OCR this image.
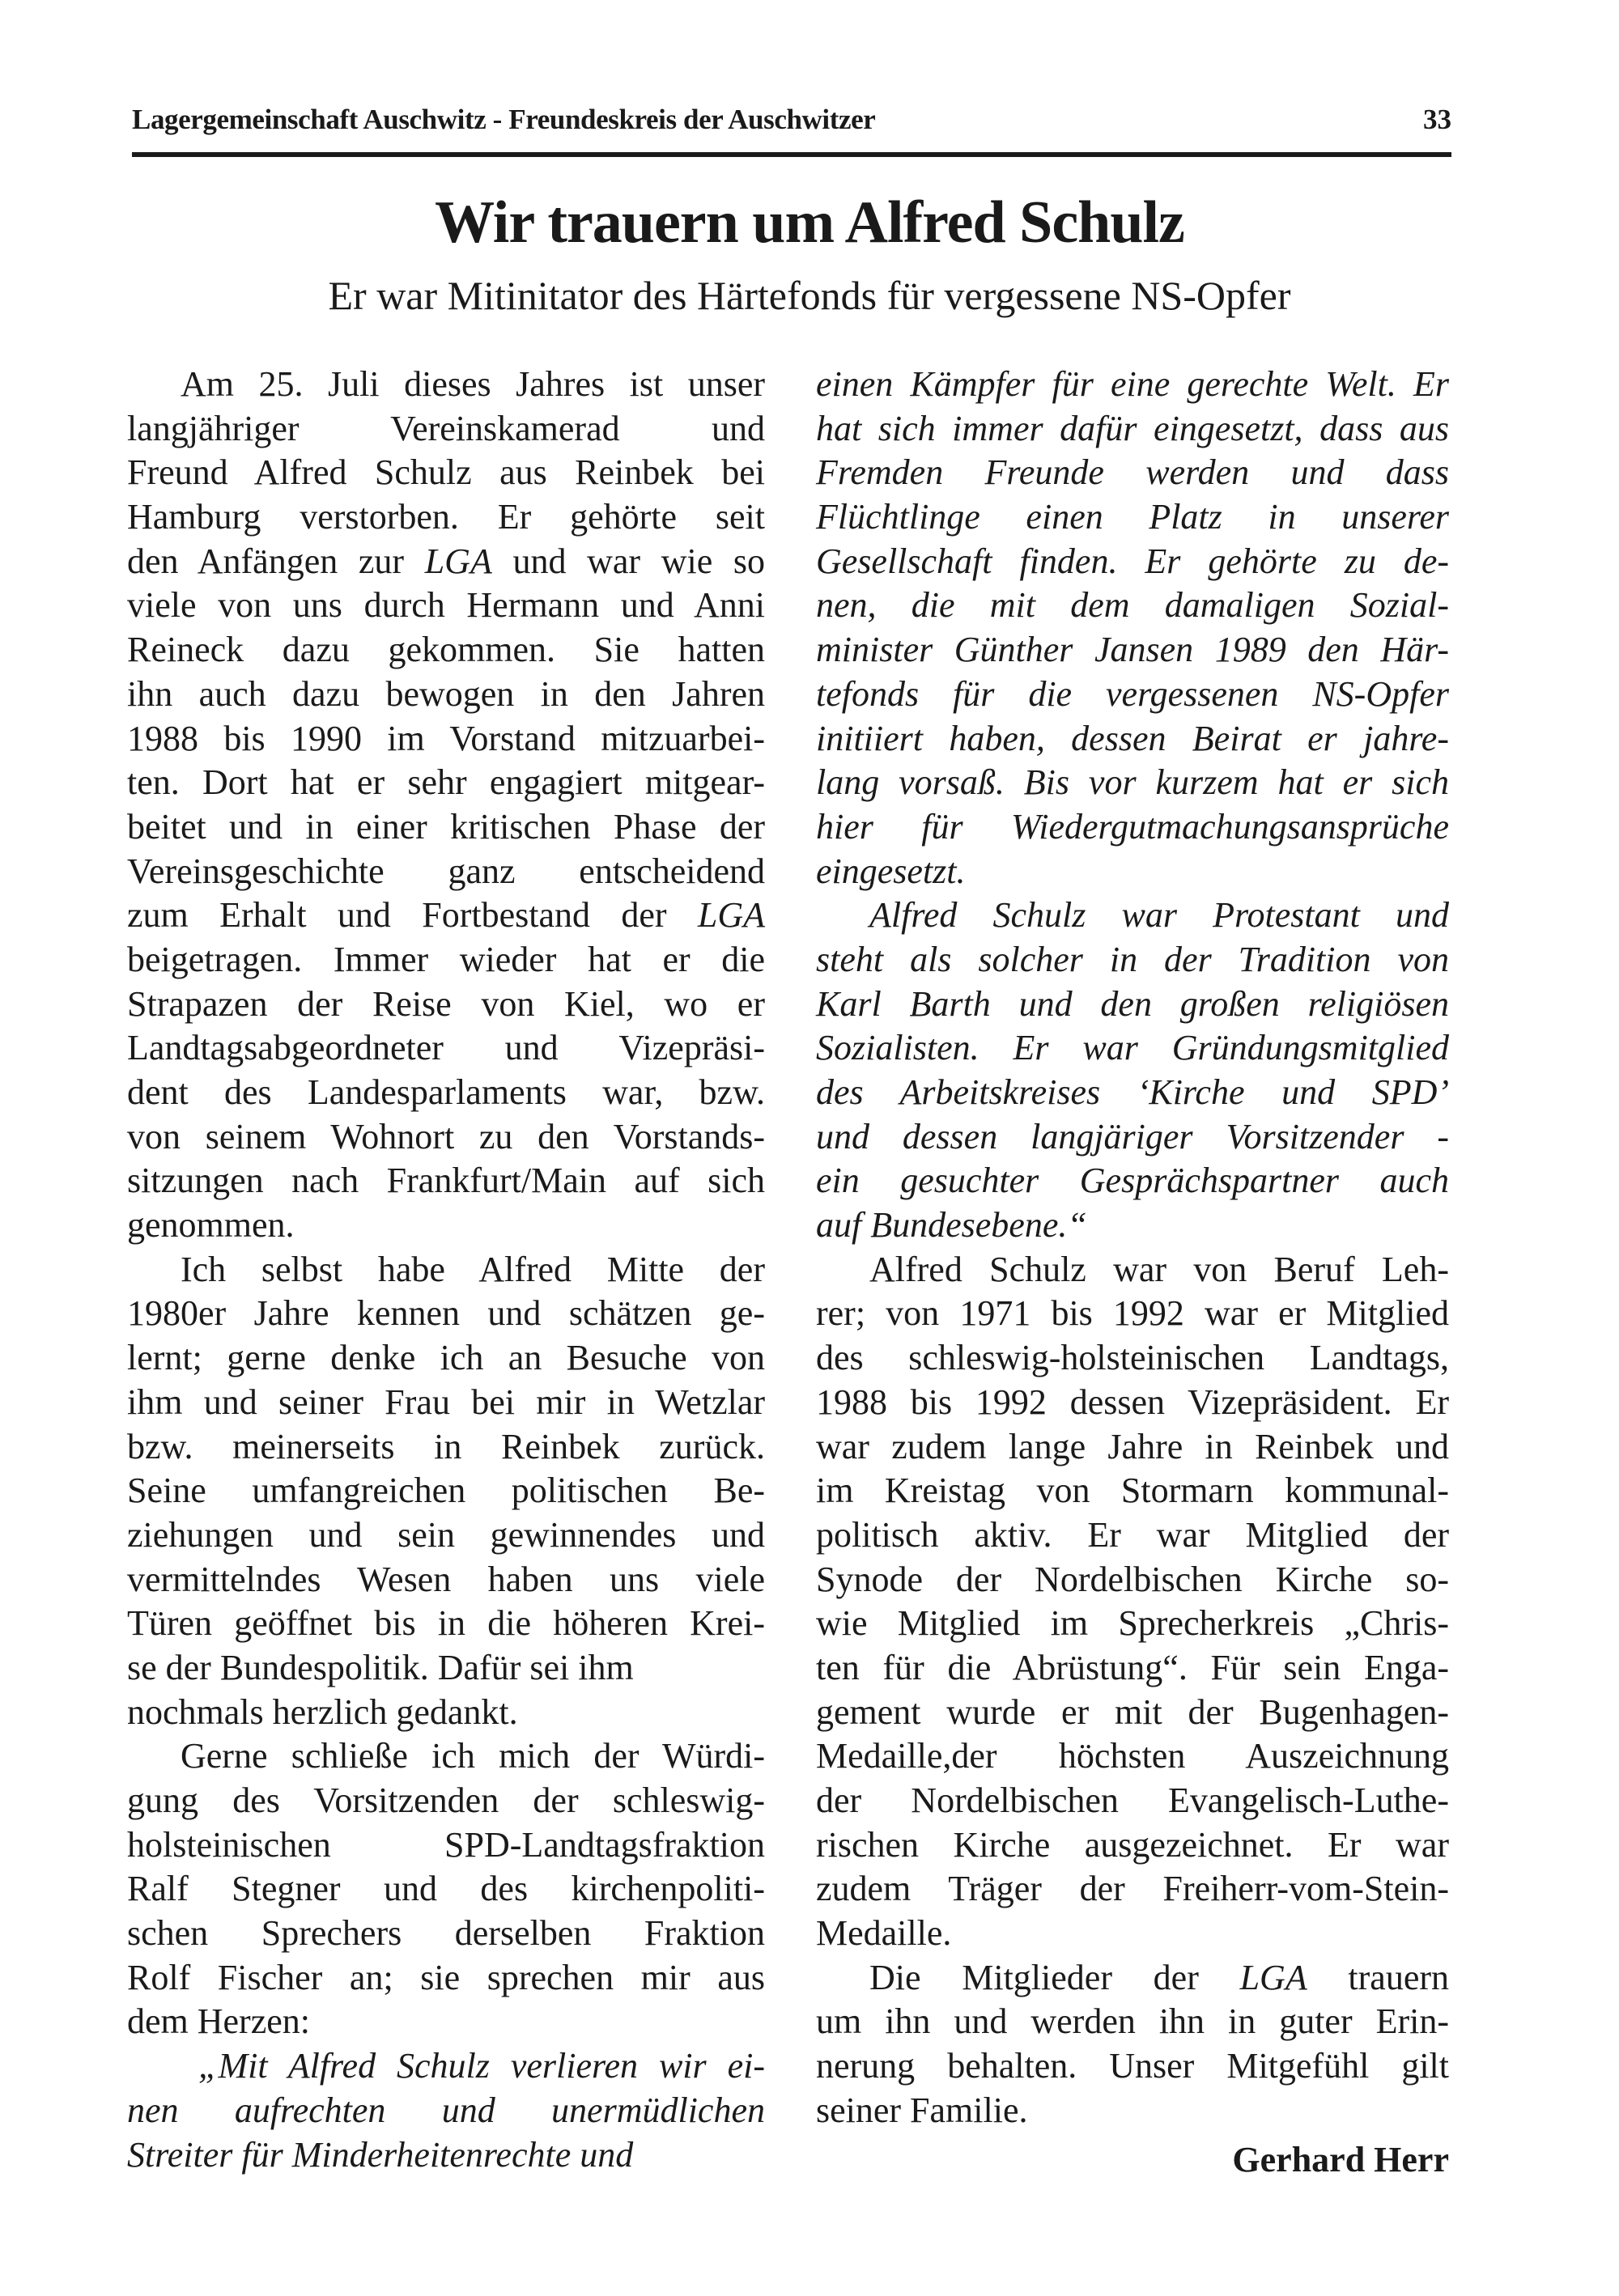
Lagergemeinschaft Auschwitz - Freundeskreis der Auschwitzer	33
Wir trauern um Alfred Schulz
Er war Mitinitator des Härtefonds für vergessene NS-Opfer
Am 25. Juli dieses Jahres ist unser
langjähriger Vereinskamerad und
Freund Alfred Schulz aus Reinbek bei
Hamburg verstorben. Er gehörte seit
den Anfängen zur LGA und war wie so
viele von uns durch Hermann und Anni
Reineck dazu gekommen. Sie hatten
ihn auch dazu bewogen in den Jahren
1988 bis 1990 im Vorstand mitzuarbei-
ten. Dort hat er sehr engagiert mitgear-
beitet und in einer kritischen Phase der
Vereinsgeschichte ganz entscheidend
zum Erhalt und Fortbestand der LGA
beigetragen. Immer wieder hat er die
Strapazen der Reise von Kiel, wo er
Landtagsabgeordneter und Vizepräsi-
dent des Landesparlaments war, bzw.
von seinem Wohnort zu den Vorstands-
sitzungen nach Frankfurt/Main auf sich
genommen.
Ich selbst habe Alfred Mitte der
1980er Jahre kennen und schätzen ge-
lernt; gerne denke ich an Besuche von
ihm und seiner Frau bei mir in Wetzlar
bzw. meinerseits in Reinbek zurück.
Seine umfangreichen politischen Be-
ziehungen und sein gewinnendes und
vermittelndes Wesen haben uns viele
Türen geöffnet bis in die höheren Krei-
se der Bundespolitik. Dafür sei ihm
nochmals herzlich gedankt.
Gerne schließe ich mich der Würdi-
gung des Vorsitzenden der schleswig-
holsteinischen SPD-Landtagsfraktion
Ralf Stegner und des kirchenpoliti-
schen Sprechers derselben Fraktion
Rolf Fischer an; sie sprechen mir aus
dem Herzen:
„Mit Alfred Schulz verlieren wir ei-
nen aufrechten und unermüdlichen
Streiter für Minderheitenrechte und
einen Kämpfer für eine gerechte Welt. Er
hat sich immer dafür eingesetzt, dass aus
Fremden Freunde werden und dass
Flüchtlinge einen Platz in unserer
Gesellschaft finden. Er gehörte zu de-
nen, die mit dem damaligen Sozial-
minister Günther Jansen 1989 den Här-
tefonds für die vergessenen NS-Opfer
initiiert haben, dessen Beirat er jahre-
lang vorsaß. Bis vor kurzem hat er sich
hier für Wiedergutmachungsansprüche
eingesetzt.
Alfred Schulz war Protestant und
steht als solcher in der Tradition von
Karl Barth und den großen religiösen
Sozialisten. Er war Gründungsmitglied
des Arbeitskreises ‘Kirche und SPD’
und dessen langjäriger Vorsitzender -
ein gesuchter Gesprächspartner auch
auf Bundesebene.“
Alfred Schulz war von Beruf Leh-
rer; von 1971 bis 1992 war er Mitglied
des schleswig-holsteinischen Landtags,
1988 bis 1992 dessen Vizepräsident. Er
war zudem lange Jahre in Reinbek und
im Kreistag von Stormarn kommunal-
politisch aktiv. Er war Mitglied der
Synode der Nordelbischen Kirche so-
wie Mitglied im Sprecherkreis „Chris-
ten für die Abrüstung“. Für sein Enga-
gement wurde er mit der Bugenhagen-
Medaille,der höchsten Auszeichnung
der Nordelbischen Evangelisch-Luthe-
rischen Kirche ausgezeichnet. Er war
zudem Träger der Freiherr-vom-Stein-
Medaille.
Die Mitglieder der LGA trauern
um ihn und werden ihn in guter Erin-
nerung behalten. Unser Mitgefühl gilt
seiner Familie.
Gerhard Herr
